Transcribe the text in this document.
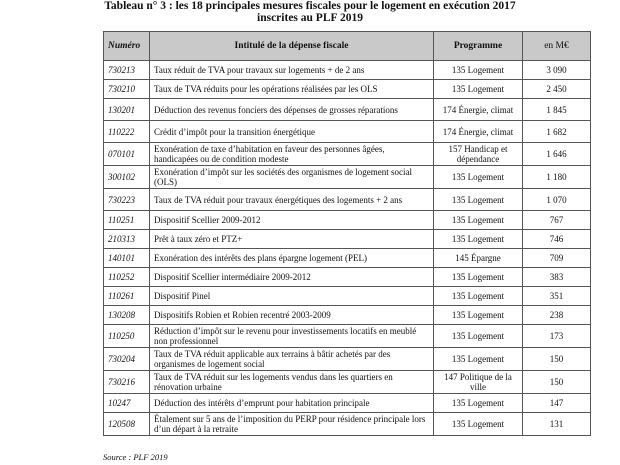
Tableau n° 3 : les 18 principales mesures fiscales pour le logement en exécution 2017
inscrites au PLF 2019
Numéro	Intitulé de la dépense fiscale	Programme	en M€
730213	Taux réduit de TVA pour travaux sur logements + de 2 ans	135 Logement	3 090
730210	Taux de TVA réduits pour les opérations réalisées par les OLS	135 Logement	2 450
130201	Déduction des revenus fonciers des dépenses de grosses réparations	174 Énergie, climat	1 845
110222	Crédit d’impôt pour la transition énergétique	174 Énergie, climat	1 682
070101	Exonération de taxe d’habitation en faveur des personnes âgées, handicapées ou de condition modeste	157 Handicap et dépendance	1 646
300102	Exonération d’impôt sur les sociétés des organismes de logement social (OLS)	135 Logement	1 180
730223	Taux de TVA réduit pour travaux énergétiques des logements + 2 ans	135 Logement	1 070
110251	Dispositif Scellier 2009-2012	135 Logement	767
210313	Prêt à taux zéro et PTZ+	135 Logement	746
140101	Exonération des intérêts des plans épargne logement (PEL)	145 Épargne	709
110252	Dispositif Scellier intermédiaire 2009-2012	135 Logement	383
110261	Dispositif Pinel	135 Logement	351
130208	Dispositifs Robien et Robien recentré 2003-2009	135 Logement	238
110250	Réduction d’impôt sur le revenu pour investissements locatifs en meublé non professionnel	135 Logement	173
730204	Taux de TVA réduit applicable aux terrains à bâtir achetés par des organismes de logement social	135 Logement	150
730216	Taux de TVA réduit sur les logements vendus dans les quartiers en rénovation urbaine	147 Politique de la ville	150
10247	Déduction des intérêts d’emprunt pour habitation principale	135 Logement	147
120508	Étalement sur 5 ans de l’imposition du PERP pour résidence principale lors d’un départ à la retraite	135 Logement	131
Source : PLF 2019
